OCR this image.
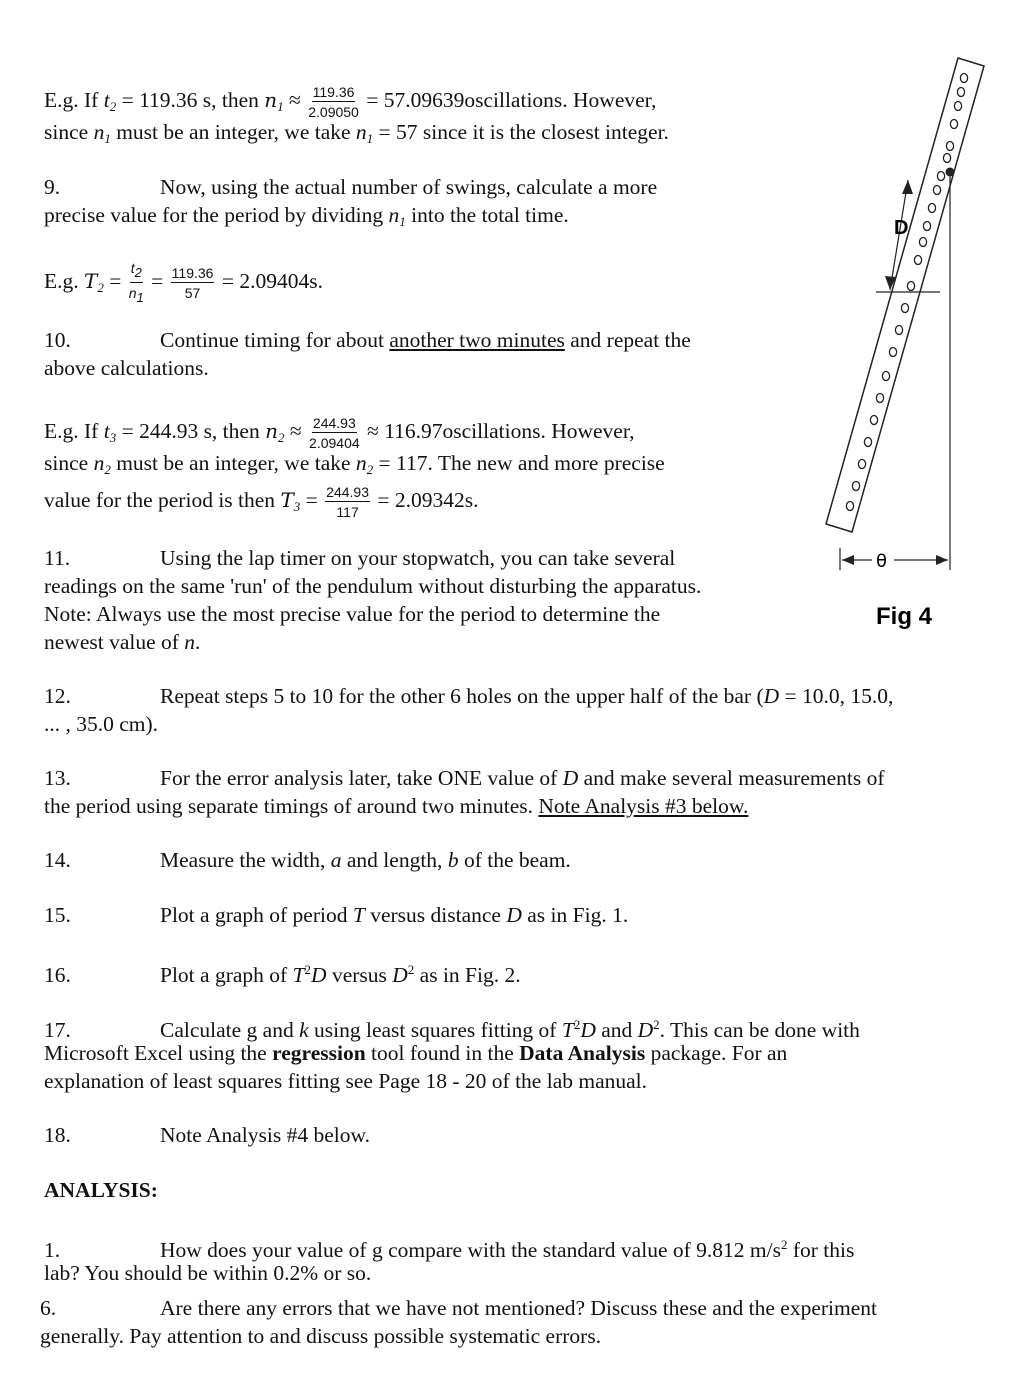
E.g. If $t_2 = 119.36$ s, then $n_1 \approx \frac{119.36}{2.09050}$ = 57.09639oscillations. However,
since $n_1$ must be an integer, we take $n_1 = 57$ since it is the closest integer.
9.	Now, using the actual number of swings, calculate a more
precise value for the period by dividing $n_1$ into the total time.
E.g. $T_2 = \frac{t2}{n1} = \frac{119.36}{57} = 2.09404s$.
10.	Continue timing for about another two minutes and repeat the
above calculations.
E.g. If $t_3 = 244.93$ s, then $n_2 \approx \frac{244.93}{2.09404}$ ≈ 116.97oscillations. However,
since $n_2$ must be an integer, we take $n_2 = 117$. The new and more precise
value for the period is then $T_3 = \frac{244.93}{117} = 2.09342s$.
11.	Using the lap timer on your stopwatch, you can take several
readings on the same 'run' of the pendulum without disturbing the apparatus.
Note: Always use the most precise value for the period to determine the
newest value of n.
12.	Repeat steps 5 to 10 for the other 6 holes on the upper half of the bar (D = 10.0, 15.0,
... , 35.0 cm).
13.	For the error analysis later, take ONE value of D and make several measurements of
the period using separate timings of around two minutes. Note Analysis #3 below.
14.	Measure the width, a and length, b of the beam.
15.	Plot a graph of period T versus distance D as in Fig. 1.
16.	Plot a graph of $T^2D$ versus $D^2$ as in Fig. 2.
17.	Calculate g and k using least squares fitting of $T^2D$ and $D^2$. This can be done with
Microsoft Excel using the regression tool found in the Data Analysis package. For an
explanation of least squares fitting see Page 18 - 20 of the lab manual.
18.	Note Analysis #4 below.
ANALYSIS:
1.	How does your value of g compare with the standard value of 9.812 $m/s^2$ for this
lab? You should be within 0.2% or so.
6.	Are there any errors that we have not mentioned? Discuss these and the experiment
generally. Pay attention to and discuss possible systematic errors.
D
θ
Fig 4
